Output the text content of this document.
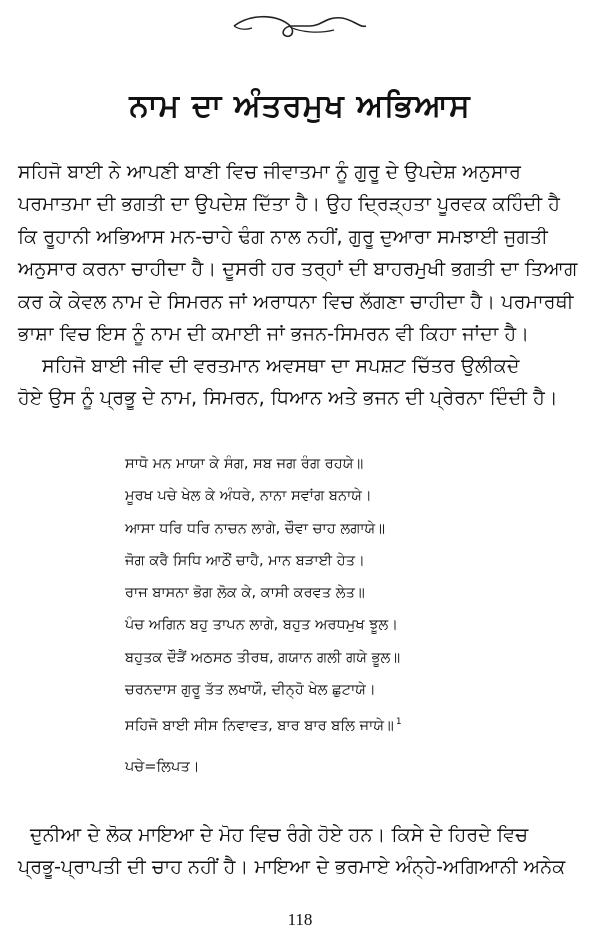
ਨਾਮ ਦਾ ਅੰਤਰਮੁਖ ਅਭਿਆਸ
ਸਹਿਜੋ ਬਾਈ ਨੇ ਆਪਣੀ ਬਾਣੀ ਵਿਚ ਜੀਵਾਤਮਾ ਨੂੰ ਗੁਰੂ ਦੇ ਉਪਦੇਸ਼ ਅਨੁਸਾਰ
ਪਰਮਾਤਮਾ ਦੀ ਭਗਤੀ ਦਾ ਉਪਦੇਸ਼ ਦਿੱਤਾ ਹੈ। ਉਹ ਦ੍ਰਿੜ੍ਹਤਾ ਪੂਰਵਕ ਕਹਿੰਦੀ ਹੈ
ਕਿ ਰੂਹਾਨੀ ਅਭਿਆਸ ਮਨ-ਚਾਹੇ ਢੰਗ ਨਾਲ ਨਹੀਂ, ਗੁਰੂ ਦੁਆਰਾ ਸਮਝਾਈ ਜੁਗਤੀ
ਅਨੁਸਾਰ ਕਰਨਾ ਚਾਹੀਦਾ ਹੈ। ਦੂਸਰੀ ਹਰ ਤਰ੍ਹਾਂ ਦੀ ਬਾਹਰਮੁਖੀ ਭਗਤੀ ਦਾ ਤਿਆਗ
ਕਰ ਕੇ ਕੇਵਲ ਨਾਮ ਦੇ ਸਿਮਰਨ ਜਾਂ ਅਰਾਧਨਾ ਵਿਚ ਲੱਗਣਾ ਚਾਹੀਦਾ ਹੈ। ਪਰਮਾਰਥੀ
ਭਾਸ਼ਾ ਵਿਚ ਇਸ ਨੂੰ ਨਾਮ ਦੀ ਕਮਾਈ ਜਾਂ ਭਜਨ-ਸਿਮਰਨ ਵੀ ਕਿਹਾ ਜਾਂਦਾ ਹੈ।
ਸਹਿਜੋ ਬਾਈ ਜੀਵ ਦੀ ਵਰਤਮਾਨ ਅਵਸਥਾ ਦਾ ਸਪਸ਼ਟ ਚਿੱਤਰ ਉਲੀਕਦੇ
ਹੋਏ ਉਸ ਨੂੰ ਪ੍ਰਭੂ ਦੇ ਨਾਮ, ਸਿਮਰਨ, ਧਿਆਨ ਅਤੇ ਭਜਨ ਦੀ ਪ੍ਰੇਰਨਾ ਦਿੰਦੀ ਹੈ।
ਸਾਧੋ ਮਨ ਮਾਯਾ ਕੇ ਸੰਗ, ਸਬ ਜਗ ਰੰਗ ਰਹਯੇ॥
ਮੂਰਖ ਪਚੇ ਖੇਲ ਕੇ ਅੰਧਰੇ, ਨਾਨਾ ਸਵਾਂਗ ਬਨਾਯੇ।
ਆਸਾ ਧਰਿ ਧਰਿ ਨਾਚਨ ਲਾਗੇ, ਚੌਵਾ ਚਾਹ ਲਗਾਯੇ॥
ਜੋਗ ਕਰੈ ਸਿਧਿ ਆਠੌਂ ਚਾਹੈ, ਮਾਨ ਬੜਾਈ ਹੇਤ।
ਰਾਜ ਬਾਸਨਾ ਭੋਗ ਲੋਕ ਕੇ, ਕਾਸੀ ਕਰਵਤ ਲੇਤ॥
ਪੰਚ ਅਗਿਨ ਬਹੁ ਤਾਪਨ ਲਾਗੇ, ਬਹੁਤ ਅਰਧਮੁਖ ਝੂਲ।
ਬਹੁਤਕ ਦੌੜੈਂ ਅਠਸਠ ਤੀਰਥ, ਗਯਾਨ ਗਲੀ ਗਯੇ ਭੂਲ॥
ਚਰਨਦਾਸ ਗੁਰੂ ਤੱਤ ਲਖਾਯੌ, ਦੀਨ੍ਹੋ ਖੇਲ ਛੁਟਾਯੇ।
ਸਹਿਜੋ ਬਾਈ ਸੀਸ ਨਿਵਾਵਤ, ਬਾਰ ਬਾਰ ਬਲਿ ਜਾਯੇ॥ $^1$
ਪਚੇ=ਲਿਪਤ।
ਦੁਨੀਆ ਦੇ ਲੋਕ ਮਾਇਆ ਦੇ ਮੋਹ ਵਿਚ ਰੰਗੇ ਹੋਏ ਹਨ। ਕਿਸੇ ਦੇ ਹਿਰਦੇ ਵਿਚ
ਪ੍ਰਭੂ-ਪ੍ਰਾਪਤੀ ਦੀ ਚਾਹ ਨਹੀਂ ਹੈ। ਮਾਇਆ ਦੇ ਭਰਮਾਏ ਅੰਨ੍ਹੇ-ਅਗਿਆਨੀ ਅਨੇਕ
118
